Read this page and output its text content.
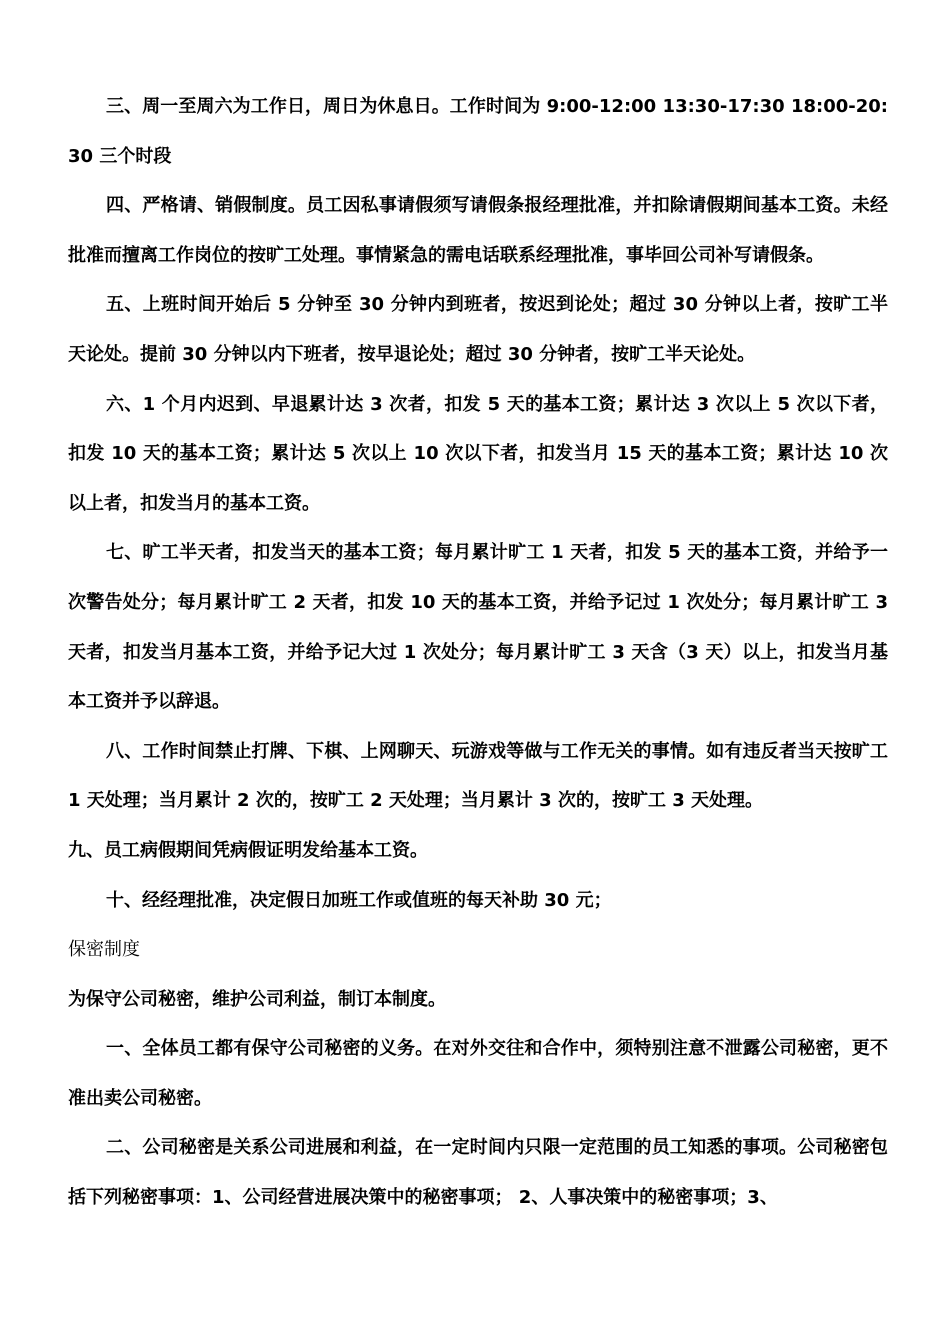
三、周一至周六为工作日，周日为休息日。工作时间为 9:00-12:00 13:30-17:30 18:00-20:30 三个时段

四、严格请、销假制度。员工因私事请假须写请假条报经理批准，并扣除请假期间基本工资。未经批准而擅离工作岗位的按旷工处理。事情紧急的需电话联系经理批准，事毕回公司补写请假条。

五、上班时间开始后 5 分钟至 30 分钟内到班者，按迟到论处；超过 30 分钟以上者，按旷工半天论处。提前 30 分钟以内下班者，按早退论处；超过 30 分钟者，按旷工半天论处。

六、1 个月内迟到、早退累计达 3 次者，扣发 5 天的基本工资；累计达 3 次以上 5 次以下者，扣发 10 天的基本工资；累计达 5 次以上 10 次以下者，扣发当月 15 天的基本工资；累计达 10 次以上者，扣发当月的基本工资。

七、旷工半天者，扣发当天的基本工资；每月累计旷工 1 天者，扣发 5 天的基本工资，并给予一次警告处分；每月累计旷工 2 天者，扣发 10 天的基本工资，并给予记过 1 次处分；每月累计旷工 3 天者，扣发当月基本工资，并给予记大过 1 次处分；每月累计旷工 3 天含（3 天）以上，扣发当月基本工资并予以辞退。

八、工作时间禁止打牌、下棋、上网聊天、玩游戏等做与工作无关的事情。如有违反者当天按旷工 1 天处理；当月累计 2 次的，按旷工 2 天处理；当月累计 3 次的，按旷工 3 天处理。

九、员工病假期间凭病假证明发给基本工资。

十、经经理批准，决定假日加班工作或值班的每天补助 30 元；

保密制度

为保守公司秘密，维护公司利益，制订本制度。

一、全体员工都有保守公司秘密的义务。在对外交往和合作中，须特别注意不泄露公司秘密，更不准出卖公司秘密。

二、公司秘密是关系公司进展和利益，在一定时间内只限一定范围的员工知悉的事项。公司秘密包括下列秘密事项：1、公司经营进展决策中的秘密事项； 2、人事决策中的秘密事项；3、
